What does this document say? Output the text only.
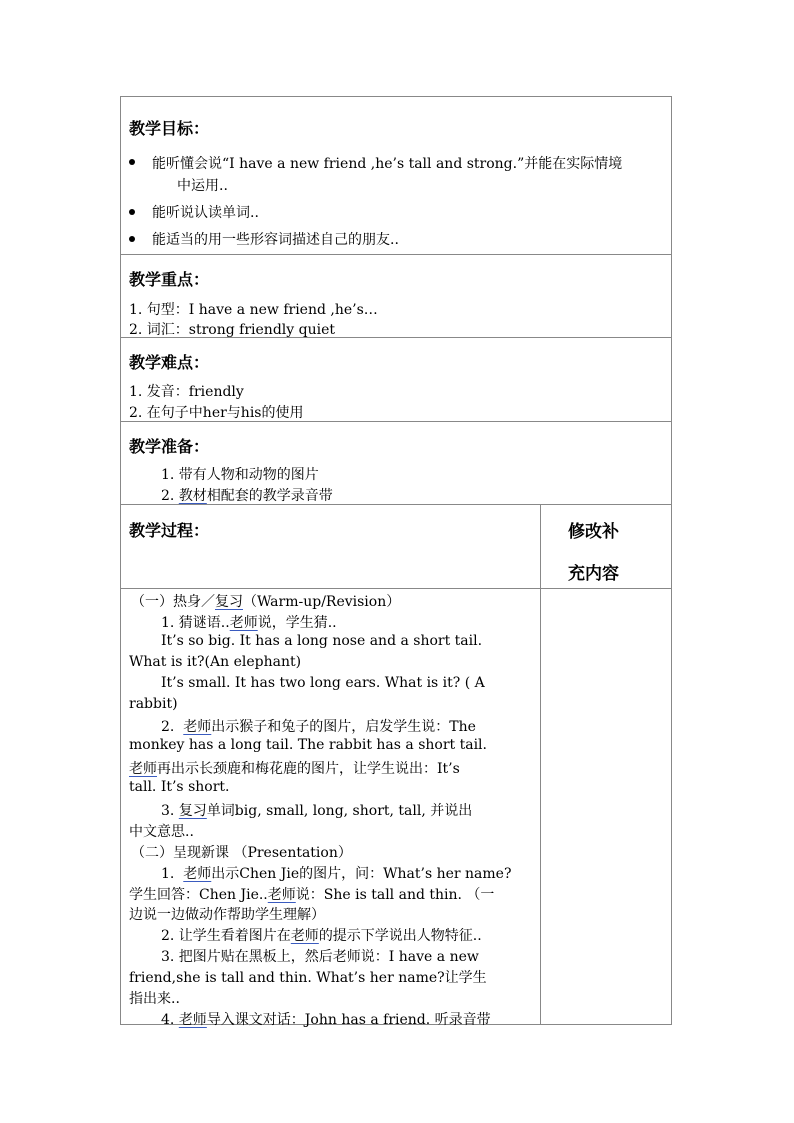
教学目标：
能听懂会说“I have a new friend ,he’s tall and strong.”并能在实际情境
中运用..
能听说认读单词..
能适当的用一些形容词描述自己的朋友..
教学重点：
1. 句型：I have a new friend ,he’s…
2. 词汇：strong friendly quiet
教学难点：
1. 发音：friendly
2. 在句子中her与his的使用
教学准备：
1. 带有人物和动物的图片
2. 教材相配套的教学录音带
教学过程：	修改补
充内容
（一）热身／复习（Warm-up/Revision）
1. 猜谜语..老师说，学生猜..
It’s so big. It has a long nose and a short tail.
What is it?(An elephant)
It’s small. It has two long ears. What is it? ( A
rabbit)
2. 老师出示猴子和兔子的图片，启发学生说：The
monkey has a long tail. The rabbit has a short tail.
老师再出示长颈鹿和梅花鹿的图片，让学生说出：It’s
tall. It’s short.
3. 复习单词big, small, long, short, tall, 并说出
中文意思..
（二）呈现新课 （Presentation）
1. 老师出示Chen Jie的图片，问：What’s her name?
学生回答：Chen Jie..老师说：She is tall and thin. （一
边说一边做动作帮助学生理解）
2. 让学生看着图片在老师的提示下学说出人物特征..
3. 把图片贴在黑板上，然后老师说：I have a new
friend,she is tall and thin. What’s her name?让学生
指出来..
4. 老师导入课文对话：John has a friend. 听录音带
